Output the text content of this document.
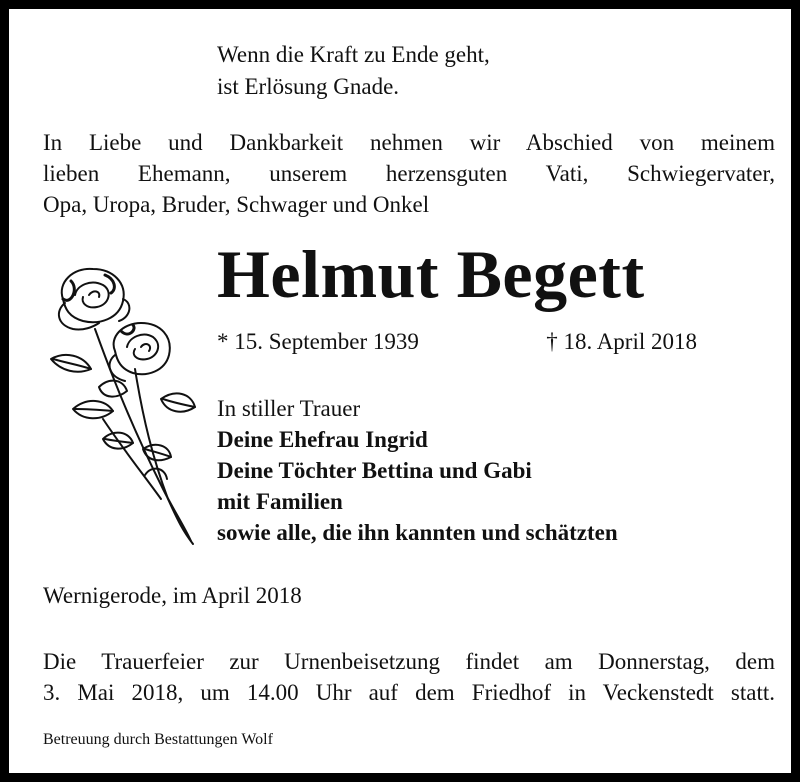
Wenn die Kraft zu Ende geht,
ist Erlösung Gnade.
In Liebe und Dankbarkeit nehmen wir Abschied von meinem
lieben Ehemann, unserem herzensguten Vati, Schwiegervater,
Opa, Uropa, Bruder, Schwager und Onkel
Helmut Begett
* 15. September 1939	† 18. April 2018
In stiller Trauer
Deine Ehefrau Ingrid
Deine Töchter Bettina und Gabi
mit Familien
sowie alle, die ihn kannten und schätzten
Wernigerode, im April 2018
Die Trauerfeier zur Urnenbeisetzung findet am Donnerstag, dem
3. Mai 2018, um 14.00 Uhr auf dem Friedhof in Veckenstedt statt.
Betreuung durch Bestattungen Wolf
